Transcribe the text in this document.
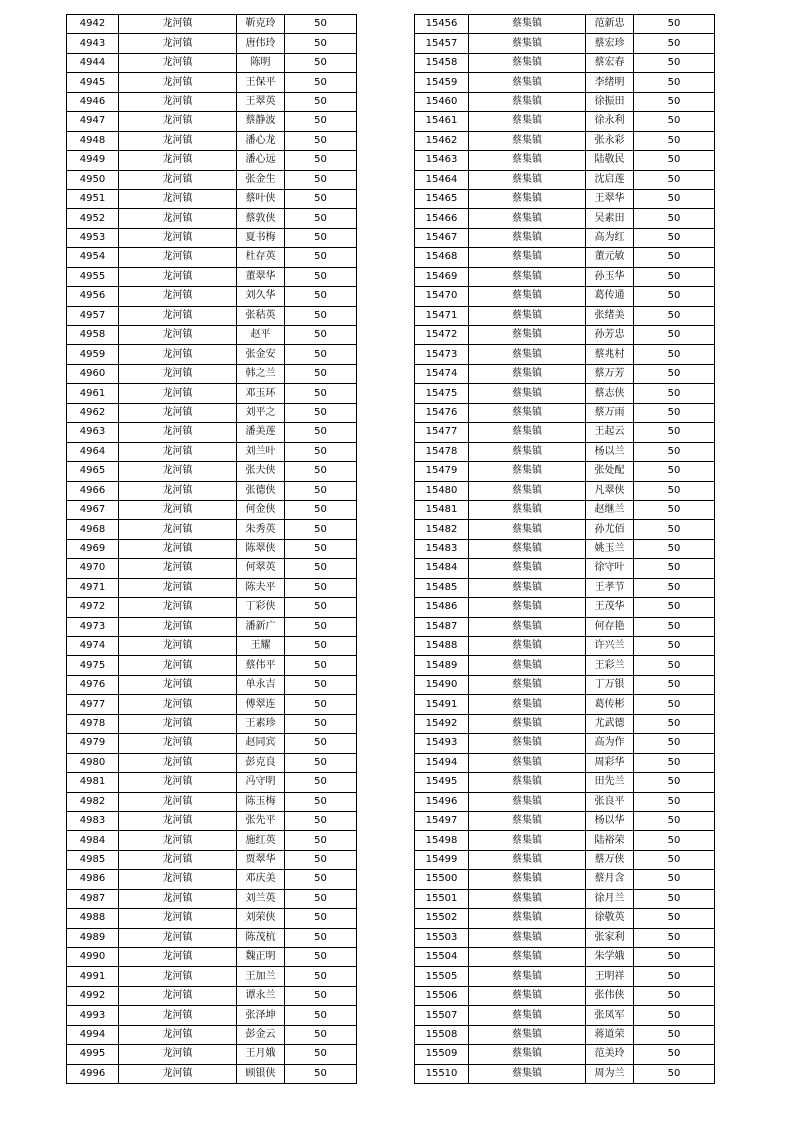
4942	龙河镇	靳克玲	50
4943	龙河镇	唐伟玲	50
4944	龙河镇	陈明	50
4945	龙河镇	王保平	50
4946	龙河镇	王翠英	50
4947	龙河镇	蔡静波	50
4948	龙河镇	潘心龙	50
4949	龙河镇	潘心远	50
4950	龙河镇	张金生	50
4951	龙河镇	蔡叶侠	50
4952	龙河镇	蔡敦侠	50
4953	龙河镇	夏书梅	50
4954	龙河镇	杜存英	50
4955	龙河镇	董翠华	50
4956	龙河镇	刘久华	50
4957	龙河镇	张秸英	50
4958	龙河镇	赵平	50
4959	龙河镇	张金安	50
4960	龙河镇	韩之兰	50
4961	龙河镇	邓玉环	50
4962	龙河镇	刘平之	50
4963	龙河镇	潘美莲	50
4964	龙河镇	刘兰叶	50
4965	龙河镇	张夫侠	50
4966	龙河镇	张德侠	50
4967	龙河镇	何金侠	50
4968	龙河镇	朱秀英	50
4969	龙河镇	陈翠侠	50
4970	龙河镇	何翠英	50
4971	龙河镇	陈夫平	50
4972	龙河镇	丁彩侠	50
4973	龙河镇	潘新广	50
4974	龙河镇	王耀	50
4975	龙河镇	蔡伟平	50
4976	龙河镇	单永吉	50
4977	龙河镇	傅翠连	50
4978	龙河镇	王素珍	50
4979	龙河镇	赵同宾	50
4980	龙河镇	彭克良	50
4981	龙河镇	冯守明	50
4982	龙河镇	陈玉梅	50
4983	龙河镇	张先平	50
4984	龙河镇	施红英	50
4985	龙河镇	贾翠华	50
4986	龙河镇	邓庆美	50
4987	龙河镇	刘兰英	50
4988	龙河镇	刘荣侠	50
4989	龙河镇	陈茂杭	50
4990	龙河镇	魏正明	50
4991	龙河镇	王加兰	50
4992	龙河镇	谭永兰	50
4993	龙河镇	张泽坤	50
4994	龙河镇	彭金云	50
4995	龙河镇	王月娥	50
4996	龙河镇	顾银侠	50
15456	蔡集镇	范新忠	50
15457	蔡集镇	蔡宏珍	50
15458	蔡集镇	蔡宏春	50
15459	蔡集镇	李绪明	50
15460	蔡集镇	徐振田	50
15461	蔡集镇	徐永利	50
15462	蔡集镇	张永彩	50
15463	蔡集镇	陆敬民	50
15464	蔡集镇	沈启莲	50
15465	蔡集镇	王翠华	50
15466	蔡集镇	吴素田	50
15467	蔡集镇	高为红	50
15468	蔡集镇	董元敏	50
15469	蔡集镇	孙玉华	50
15470	蔡集镇	葛传通	50
15471	蔡集镇	张绪美	50
15472	蔡集镇	孙芳忠	50
15473	蔡集镇	蔡兆村	50
15474	蔡集镇	蔡万芳	50
15475	蔡集镇	蔡志侠	50
15476	蔡集镇	蔡万雨	50
15477	蔡集镇	王起云	50
15478	蔡集镇	杨以兰	50
15479	蔡集镇	张处配	50
15480	蔡集镇	凡翠侠	50
15481	蔡集镇	赵继兰	50
15482	蔡集镇	孙尤佰	50
15483	蔡集镇	姚玉兰	50
15484	蔡集镇	徐守叶	50
15485	蔡集镇	王孝节	50
15486	蔡集镇	王茂华	50
15487	蔡集镇	何存艳	50
15488	蔡集镇	许兴兰	50
15489	蔡集镇	王彩兰	50
15490	蔡集镇	丁万银	50
15491	蔡集镇	葛传彬	50
15492	蔡集镇	尤武德	50
15493	蔡集镇	高为作	50
15494	蔡集镇	周彩华	50
15495	蔡集镇	田先兰	50
15496	蔡集镇	张良平	50
15497	蔡集镇	杨以华	50
15498	蔡集镇	陆裕荣	50
15499	蔡集镇	蔡万侠	50
15500	蔡集镇	蔡月含	50
15501	蔡集镇	徐月兰	50
15502	蔡集镇	徐敬英	50
15503	蔡集镇	张家利	50
15504	蔡集镇	朱学娥	50
15505	蔡集镇	王明祥	50
15506	蔡集镇	张伟侠	50
15507	蔡集镇	张凤军	50
15508	蔡集镇	蒋道荣	50
15509	蔡集镇	范美玲	50
15510	蔡集镇	周为兰	50
